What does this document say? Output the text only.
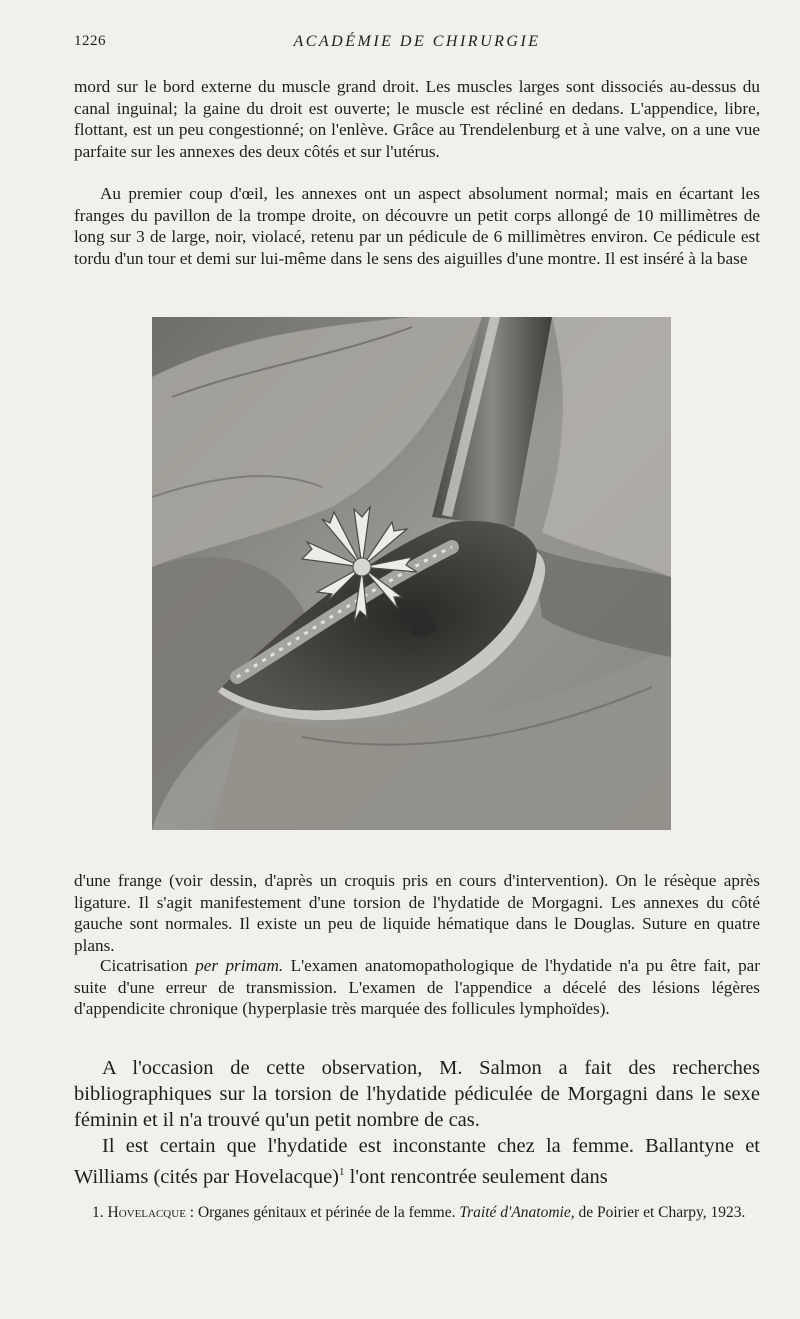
1226	ACADÉMIE DE CHIRURGIE

mord sur le bord externe du muscle grand droit. Les muscles larges sont dissociés au-dessus du canal inguinal; la gaine du droit est ouverte; le muscle est récliné en dedans. L'appendice, libre, flottant, est un peu congestionné; on l'enlève. Grâce au Trendelenburg et à une valve, on a une vue parfaite sur les annexes des deux côtés et sur l'utérus.

Au premier coup d'œil, les annexes ont un aspect absolument normal; mais en écartant les franges du pavillon de la trompe droite, on découvre un petit corps allongé de 10 millimètres de long sur 3 de large, noir, violacé, retenu par un pédicule de 6 millimètres environ. Ce pédicule est tordu d'un tour et demi sur lui-même dans le sens des aiguilles d'une montre. Il est inséré à la base

d'une frange (voir dessin, d'après un croquis pris en cours d'intervention). On le résèque après ligature. Il s'agit manifestement d'une torsion de l'hydatide de Morgagni. Les annexes du côté gauche sont normales. Il existe un peu de liquide hématique dans le Douglas. Suture en quatre plans.

Cicatrisation per primam. L'examen anatomopathologique de l'hydatide n'a pu être fait, par suite d'une erreur de transmission. L'examen de l'appendice a décelé des lésions légères d'appendicite chronique (hyperplasie très marquée des follicules lymphoïdes).

A l'occasion de cette observation, M. Salmon a fait des recherches bibliographiques sur la torsion de l'hydatide pédiculée de Morgagni dans le sexe féminin et il n'a trouvé qu'un petit nombre de cas.

Il est certain que l'hydatide est inconstante chez la femme. Ballantyne et Williams (cités par Hovelacque)$^1$ l'ont rencontrée seulement dans

1. Hovelacque : Organes génitaux et périnée de la femme. Traité d'Anatomie, de Poirier et Charpy, 1923.
